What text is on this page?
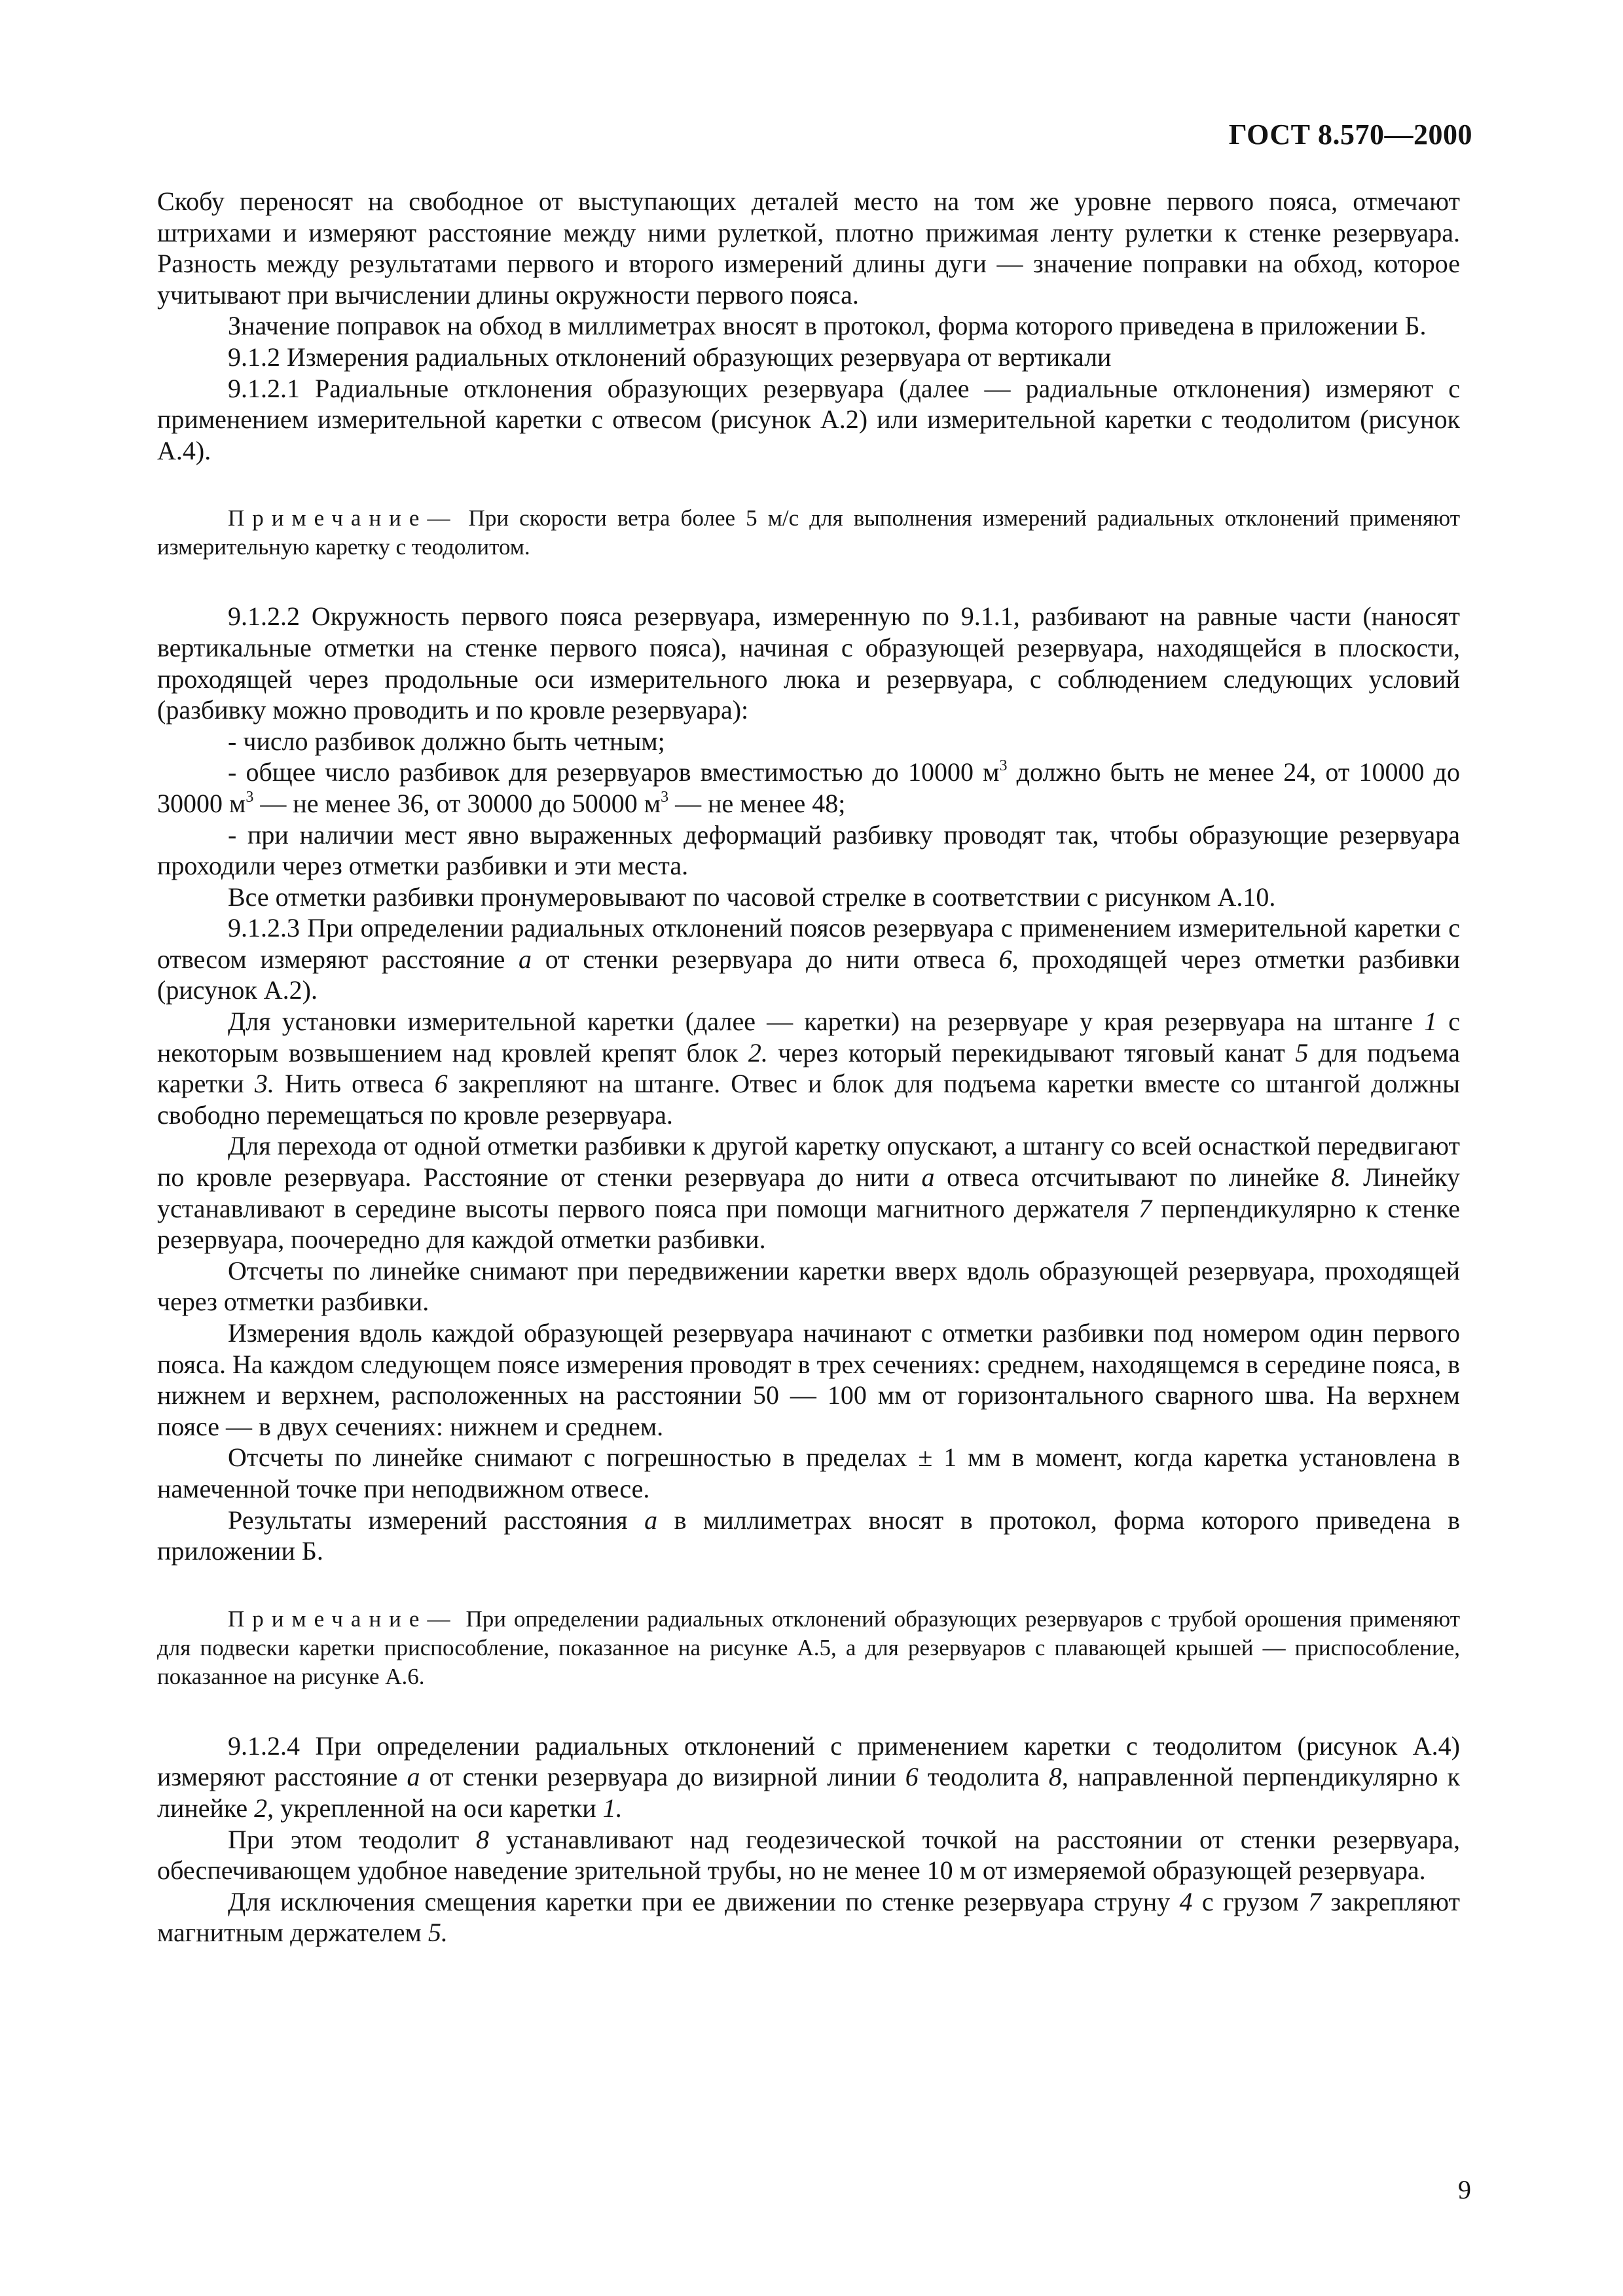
ГОСТ 8.570—2000

Скобу переносят на свободное от выступающих деталей место на том же уровне первого пояса, отмечают штрихами и измеряют расстояние между ними рулеткой, плотно прижимая ленту рулетки к стенке резервуара. Разность между результатами первого и второго измерений длины дуги — значение поправки на обход, которое учитывают при вычислении длины окружности первого пояса.

Значение поправок на обход в миллиметрах вносят в протокол, форма которого приведена в приложении Б.

9.1.2 Измерения радиальных отклонений образующих резервуара от вертикали

9.1.2.1 Радиальные отклонения образующих резервуара (далее — радиальные отклонения) измеряют с применением измерительной каретки с отвесом (рисунок А.2) или измерительной каретки с теодолитом (рисунок А.4).

Примечание— При скорости ветра более 5 м/с для выполнения измерений радиальных отклонений применяют измерительную каретку с теодолитом.

9.1.2.2 Окружность первого пояса резервуара, измеренную по 9.1.1, разбивают на равные части (наносят вертикальные отметки на стенке первого пояса), начиная с образующей резервуара, находящейся в плоскости, проходящей через продольные оси измерительного люка и резервуара, с соблюдением следующих условий (разбивку можно проводить и по кровле резервуара):

- число разбивок должно быть четным;

- общее число разбивок для резервуаров вместимостью до 10000 $м^3$ должно быть не менее 24, от 10000 до 30000 $м^3$ — не менее 36, от 30000 до 50000 $м^3$ — не менее 48;

- при наличии мест явно выраженных деформаций разбивку проводят так, чтобы образующие резервуара проходили через отметки разбивки и эти места.

Все отметки разбивки пронумеровывают по часовой стрелке в соответствии с рисунком А.10.

9.1.2.3 При определении радиальных отклонений поясов резервуара с применением измерительной каретки с отвесом измеряют расстояние а от стенки резервуара до нити отвеса 6, проходящей через отметки разбивки (рисунок А.2).

Для установки измерительной каретки (далее — каретки) на резервуаре у края резервуара на штанге 1 с некоторым возвышением над кровлей крепят блок 2. через который перекидывают тяговый канат 5 для подъема каретки 3. Нить отвеса 6 закрепляют на штанге. Отвес и блок для подъема каретки вместе со штангой должны свободно перемещаться по кровле резервуара.

Для перехода от одной отметки разбивки к другой каретку опускают, а штангу со всей оснасткой передвигают по кровле резервуара. Расстояние от стенки резервуара до нити а отвеса отсчитывают по линейке 8. Линейку устанавливают в середине высоты первого пояса при помощи магнитного держателя 7 перпендикулярно к стенке резервуара, поочередно для каждой отметки разбивки.

Отсчеты по линейке снимают при передвижении каретки вверх вдоль образующей резервуара, проходящей через отметки разбивки.

Измерения вдоль каждой образующей резервуара начинают с отметки разбивки под номером один первого пояса. На каждом следующем поясе измерения проводят в трех сечениях: среднем, находящемся в середине пояса, в нижнем и верхнем, расположенных на расстоянии 50 — 100 мм от горизонтального сварного шва. На верхнем поясе — в двух сечениях: нижнем и среднем.

Отсчеты по линейке снимают с погрешностью в пределах ± 1 мм в момент, когда каретка установлена в намеченной точке при неподвижном отвесе.

Результаты измерений расстояния а в миллиметрах вносят в протокол, форма которого приведена в приложении Б.

Примечание— При определении радиальных отклонений образующих резервуаров с трубой орошения применяют для подвески каретки приспособление, показанное на рисунке А.5, а для резервуаров с плавающей крышей — приспособление, показанное на рисунке А.6.

9.1.2.4 При определении радиальных отклонений с применением каретки с теодолитом (рисунок А.4) измеряют расстояние а от стенки резервуара до визирной линии 6 теодолита 8, направленной перпендикулярно к линейке 2, укрепленной на оси каретки 1.

При этом теодолит 8 устанавливают над геодезической точкой на расстоянии от стенки резервуара, обеспечивающем удобное наведение зрительной трубы, но не менее 10 м от измеряемой образующей резервуара.

Для исключения смещения каретки при ее движении по стенке резервуара струну 4 с грузом 7 закрепляют магнитным держателем 5.

9
